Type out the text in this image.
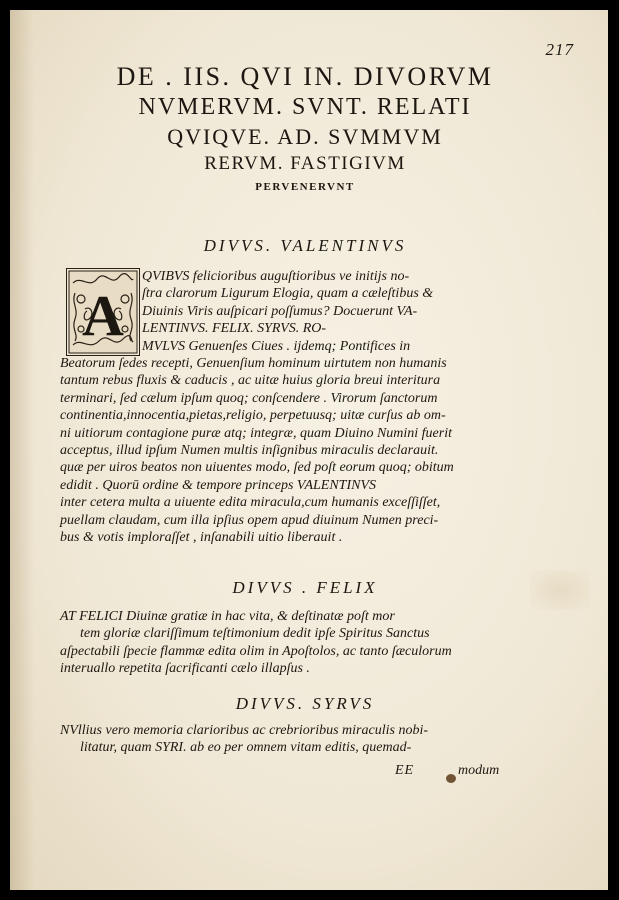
217
DE . IIS. QVI IN. DIVORVM
NVMERVM. SVNT. RELATI
QVIQVE. AD. SVMMVM
RERVM. FASTIGIVM
PERVENERVNT
DIVVS. VALENTINVS
A
QVIBVS felicioribus auguſtioribus ve initijs no-
ſtra clarorum Ligurum Elogia, quam a cæleſtibus &
Diuinis Viris auſpicari poſſumus? Docuerunt VA-
LENTINVS. FELIX. SYRVS. RO-
MVLVS Genuenſes Ciues . ijdemq; Pontifices in
Beatorum ſedes recepti, Genuenſium hominum uirtutem non humanis
tantum rebus fluxis & caducis , ac uitæ huius gloria breui interitura
terminari, ſed cælum ipſum quoq; conſcendere . Virorum ſanctorum
continentia,innocentia,pietas,religio, perpetuusq; uitæ curſus ab om-
ni uitiorum contagione puræ atq; integræ, quam Diuino Numini fuerit
acceptus, illud ipſum Numen multis inſignibus miraculis declarauit.
quæ per uiros beatos non uiuentes modo, ſed poſt eorum quoq; obitum
edidit . Quorū ordine & tempore princeps VALENTINVS
inter cetera multa a uiuente edita miracula,cum humanis exceſſiſſet,
puellam claudam, cum illa ipſius opem apud diuinum Numen preci-
bus & votis imploraſſet , inſanabili uitio liberauit .
DIVVS . FELIX
AT FELICI Diuinæ gratiæ in hac vita, & deſtinatæ poſt mor
tem gloriæ clariſſimum teſtimonium dedit ipſe Spiritus Sanctus
aſpectabili ſpecie flammæ edita olim in Apoſtolos, ac tanto ſæculorum
interuallo repetita ſacrificanti cælo illapſus .
DIVVS. SYRVS
NVllius vero memoria clarioribus ac crebrioribus miraculis nobi-
litatur, quam SYRI. ab eo per omnem vitam editis, quemad-
EE	modum
